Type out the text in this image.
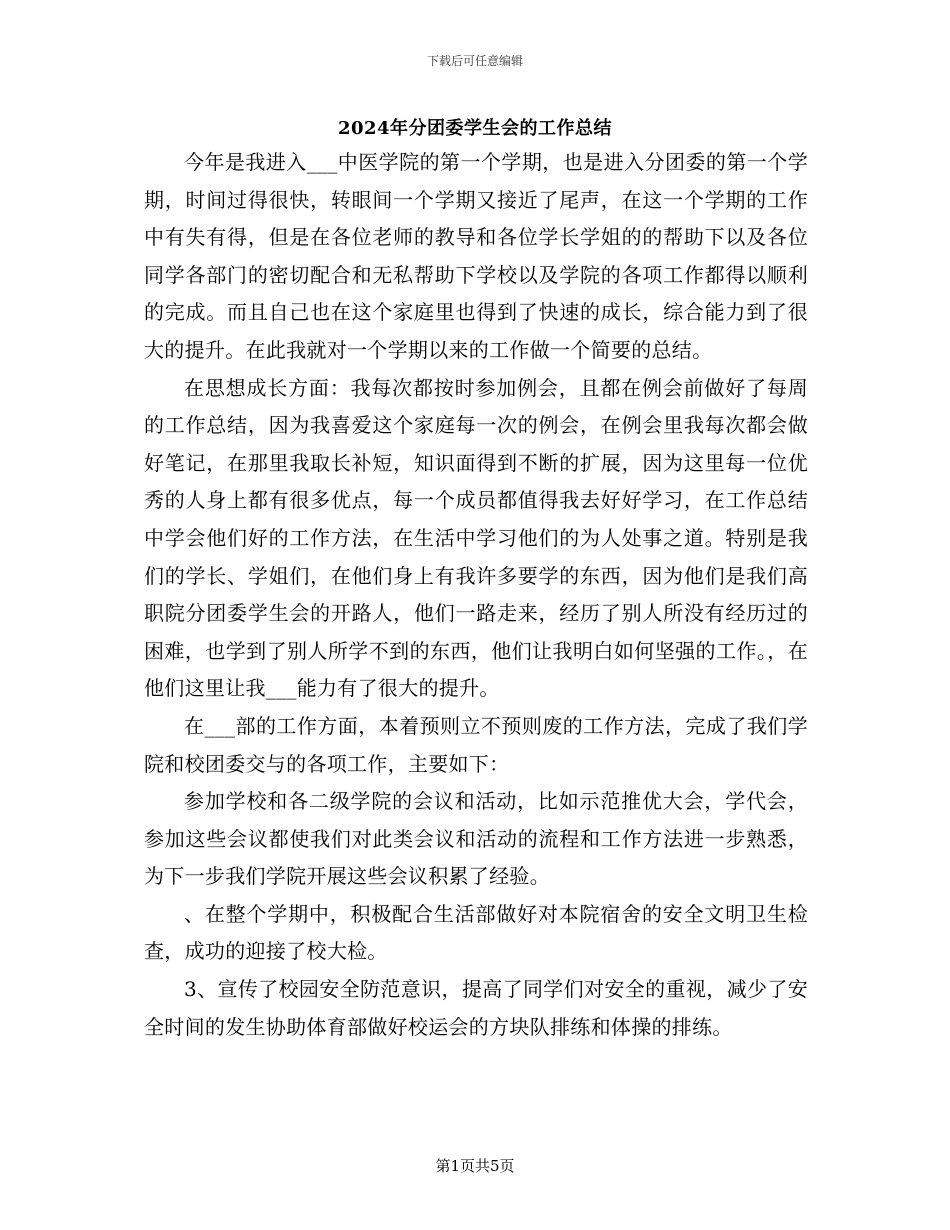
下载后可任意编辑
2024年分团委学生会的工作总结

今年是我进入___中医学院的第一个学期，也是进入分团委的第一个学期，时间过得很快，转眼间一个学期又接近了尾声，在这一个学期的工作中有失有得，但是在各位老师的教导和各位学长学姐的的帮助下以及各位同学各部门的密切配合和无私帮助下学校以及学院的各项工作都得以顺利的完成。而且自己也在这个家庭里也得到了快速的成长，综合能力到了很大的提升。在此我就对一个学期以来的工作做一个简要的总结。

在思想成长方面：我每次都按时参加例会，且都在例会前做好了每周的工作总结，因为我喜爱这个家庭每一次的例会，在例会里我每次都会做好笔记，在那里我取长补短，知识面得到不断的扩展，因为这里每一位优秀的人身上都有很多优点，每一个成员都值得我去好好学习，在工作总结中学会他们好的工作方法，在生活中学习他们的为人处事之道。特别是我们的学长、学姐们，在他们身上有我许多要学的东西，因为他们是我们高职院分团委学生会的开路人，他们一路走来，经历了别人所没有经历过的困难，也学到了别人所学不到的东西，他们让我明白如何坚强的工作。，在他们这里让我___能力有了很大的提升。

在___部的工作方面，本着预则立不预则废的工作方法，完成了我们学院和校团委交与的各项工作，主要如下：

参加学校和各二级学院的会议和活动，比如示范推优大会，学代会，参加这些会议都使我们对此类会议和活动的流程和工作方法进一步熟悉，为下一步我们学院开展这些会议积累了经验。

、在整个学期中，积极配合生活部做好对本院宿舍的安全文明卫生检查，成功的迎接了校大检。

3、宣传了校园安全防范意识，提高了同学们对安全的重视，减少了安全时间的发生协助体育部做好校运会的方块队排练和体操的排练。

第1页共5页
